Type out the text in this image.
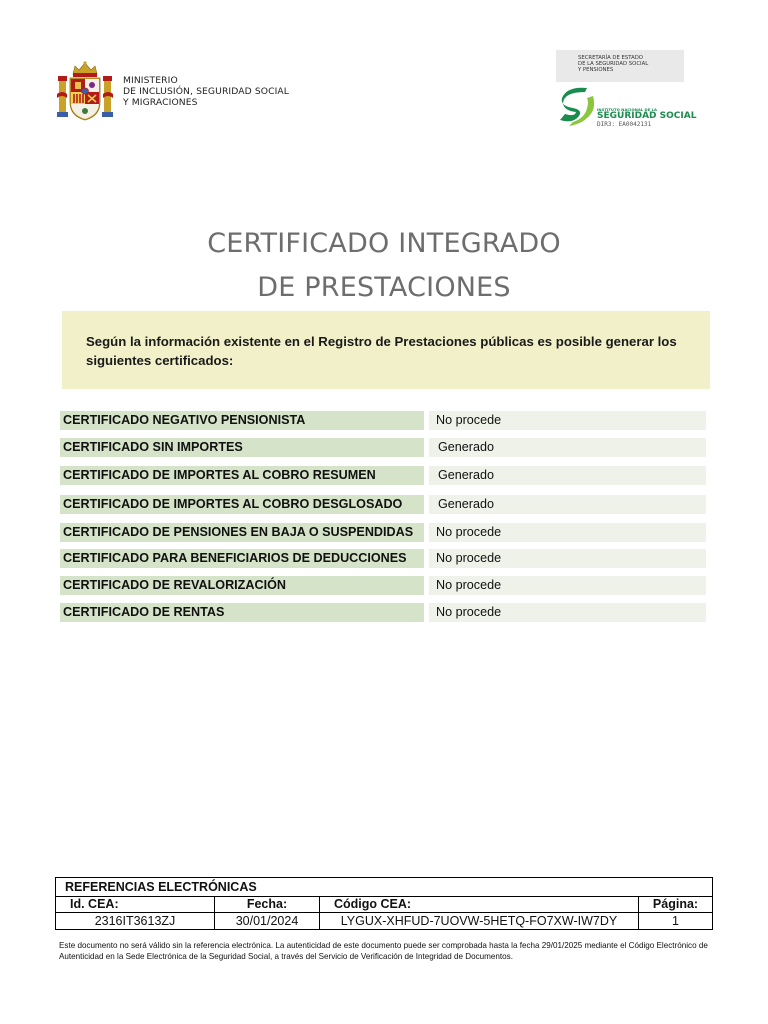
MINISTERIO
DE INCLUSIÓN, SEGURIDAD SOCIAL
Y MIGRACIONES
SECRETARÍA DE ESTADO
DE LA SEGURIDAD SOCIAL
Y PENSIONES
INSTITUTO NACIONAL DE LA
SEGURIDAD SOCIAL
DIR3: EA0042131
CERTIFICADO INTEGRADO
DE PRESTACIONES
Según la información existente en el Registro de Prestaciones públicas es posible generar los siguientes certificados:
CERTIFICADO NEGATIVO PENSIONISTA	No procede
CERTIFICADO SIN IMPORTES	Generado
CERTIFICADO DE IMPORTES AL COBRO RESUMEN	Generado
CERTIFICADO DE IMPORTES AL COBRO DESGLOSADO	Generado
CERTIFICADO DE PENSIONES EN BAJA O SUSPENDIDAS	No procede
CERTIFICADO PARA BENEFICIARIOS DE DEDUCCIONES	No procede
CERTIFICADO DE REVALORIZACIÓN	No procede
CERTIFICADO DE RENTAS	No procede
REFERENCIAS ELECTRÓNICAS			
Id. CEA:	Fecha:	Código CEA:	Página:
2316IT3613ZJ	30/01/2024	LYGUX-XHFUD-7UOVW-5HETQ-FO7XW-IW7DY	1
Este documento no será válido sin la referencia electrónica. La autenticidad de este documento puede ser comprobada hasta la fecha 29/01/2025 mediante el Código Electrónico de Autenticidad en la Sede Electrónica de la Seguridad Social, a través del Servicio de Verificación de Integridad de Documentos.
